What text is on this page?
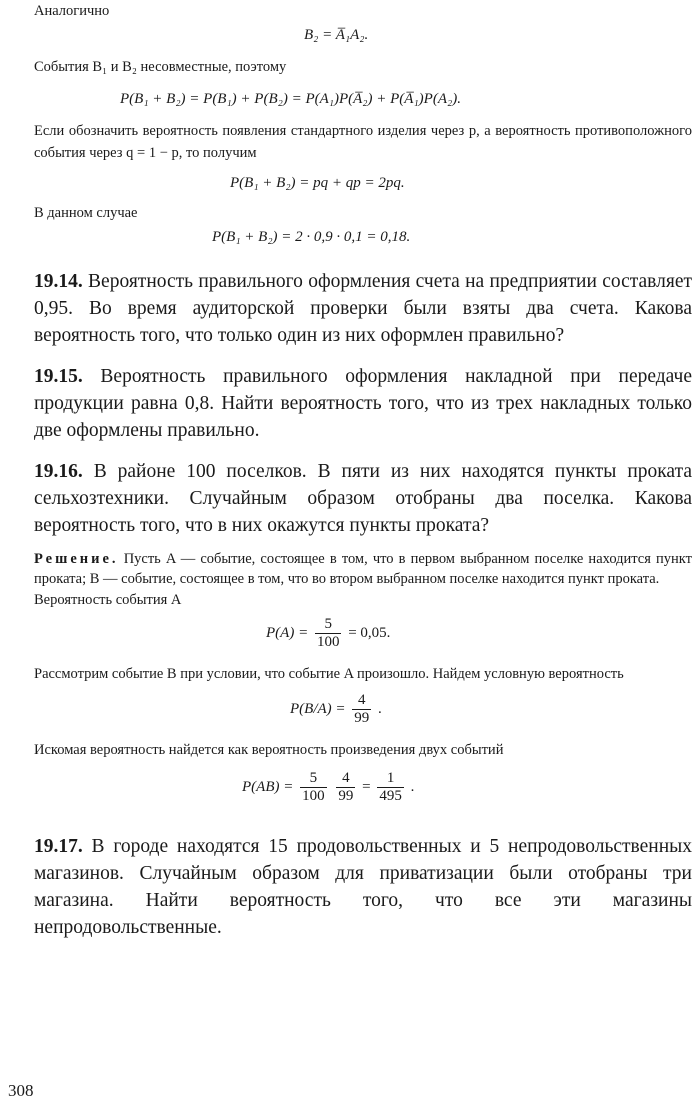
Аналогично

B₂ = A̅₁A₂.

События B₁ и B₂ несовместные, поэтому

P(B₁ + B₂) = P(B₁) + P(B₂) = P(A₁)P(A̅₂) + P(A̅₁)P(A₂).

Если обозначить вероятность появления стандартного изделия через p, а вероятность противоположного события через q = 1 − p, то получим

P(B₁ + B₂) = pq + qp = 2pq.

В данном случае

P(B₁ + B₂) = 2 · 0,9 · 0,1 = 0,18.

19.14. Вероятность правильного оформления счета на предприятии составляет 0,95. Во время аудиторской проверки были взяты два счета. Какова вероятность того, что только один из них оформлен правильно?

19.15. Вероятность правильного оформления накладной при передаче продукции равна 0,8. Найти вероятность того, что из трех накладных только две оформлены правильно.

19.16. В районе 100 поселков. В пяти из них находятся пункты проката сельхозтехники. Случайным образом отобраны два поселка. Какова вероятность того, что в них окажутся пункты проката?

Решение. Пусть A — событие, состоящее в том, что в первом выбранном поселке находится пункт проката; B — событие, состоящее в том, что во втором выбранном поселке находится пункт проката.

Вероятность события A

$P(A) = \frac{5}{100} = 0,05$.

Рассмотрим событие B при условии, что событие A произошло. Найдем условную вероятность

$P(B/A) = \frac{4}{99}$ .

Искомая вероятность найдется как вероятность произведения двух событий

$P(AB) = \frac{5}{100}$
$\frac{4}{99} = \frac{1}{495}$ .

19.17. В городе находятся 15 продовольственных и 5 непродовольственных магазинов. Случайным образом для приватизации были отобраны три магазина. Найти вероятность того, что все эти магазины непродовольственные.

308
